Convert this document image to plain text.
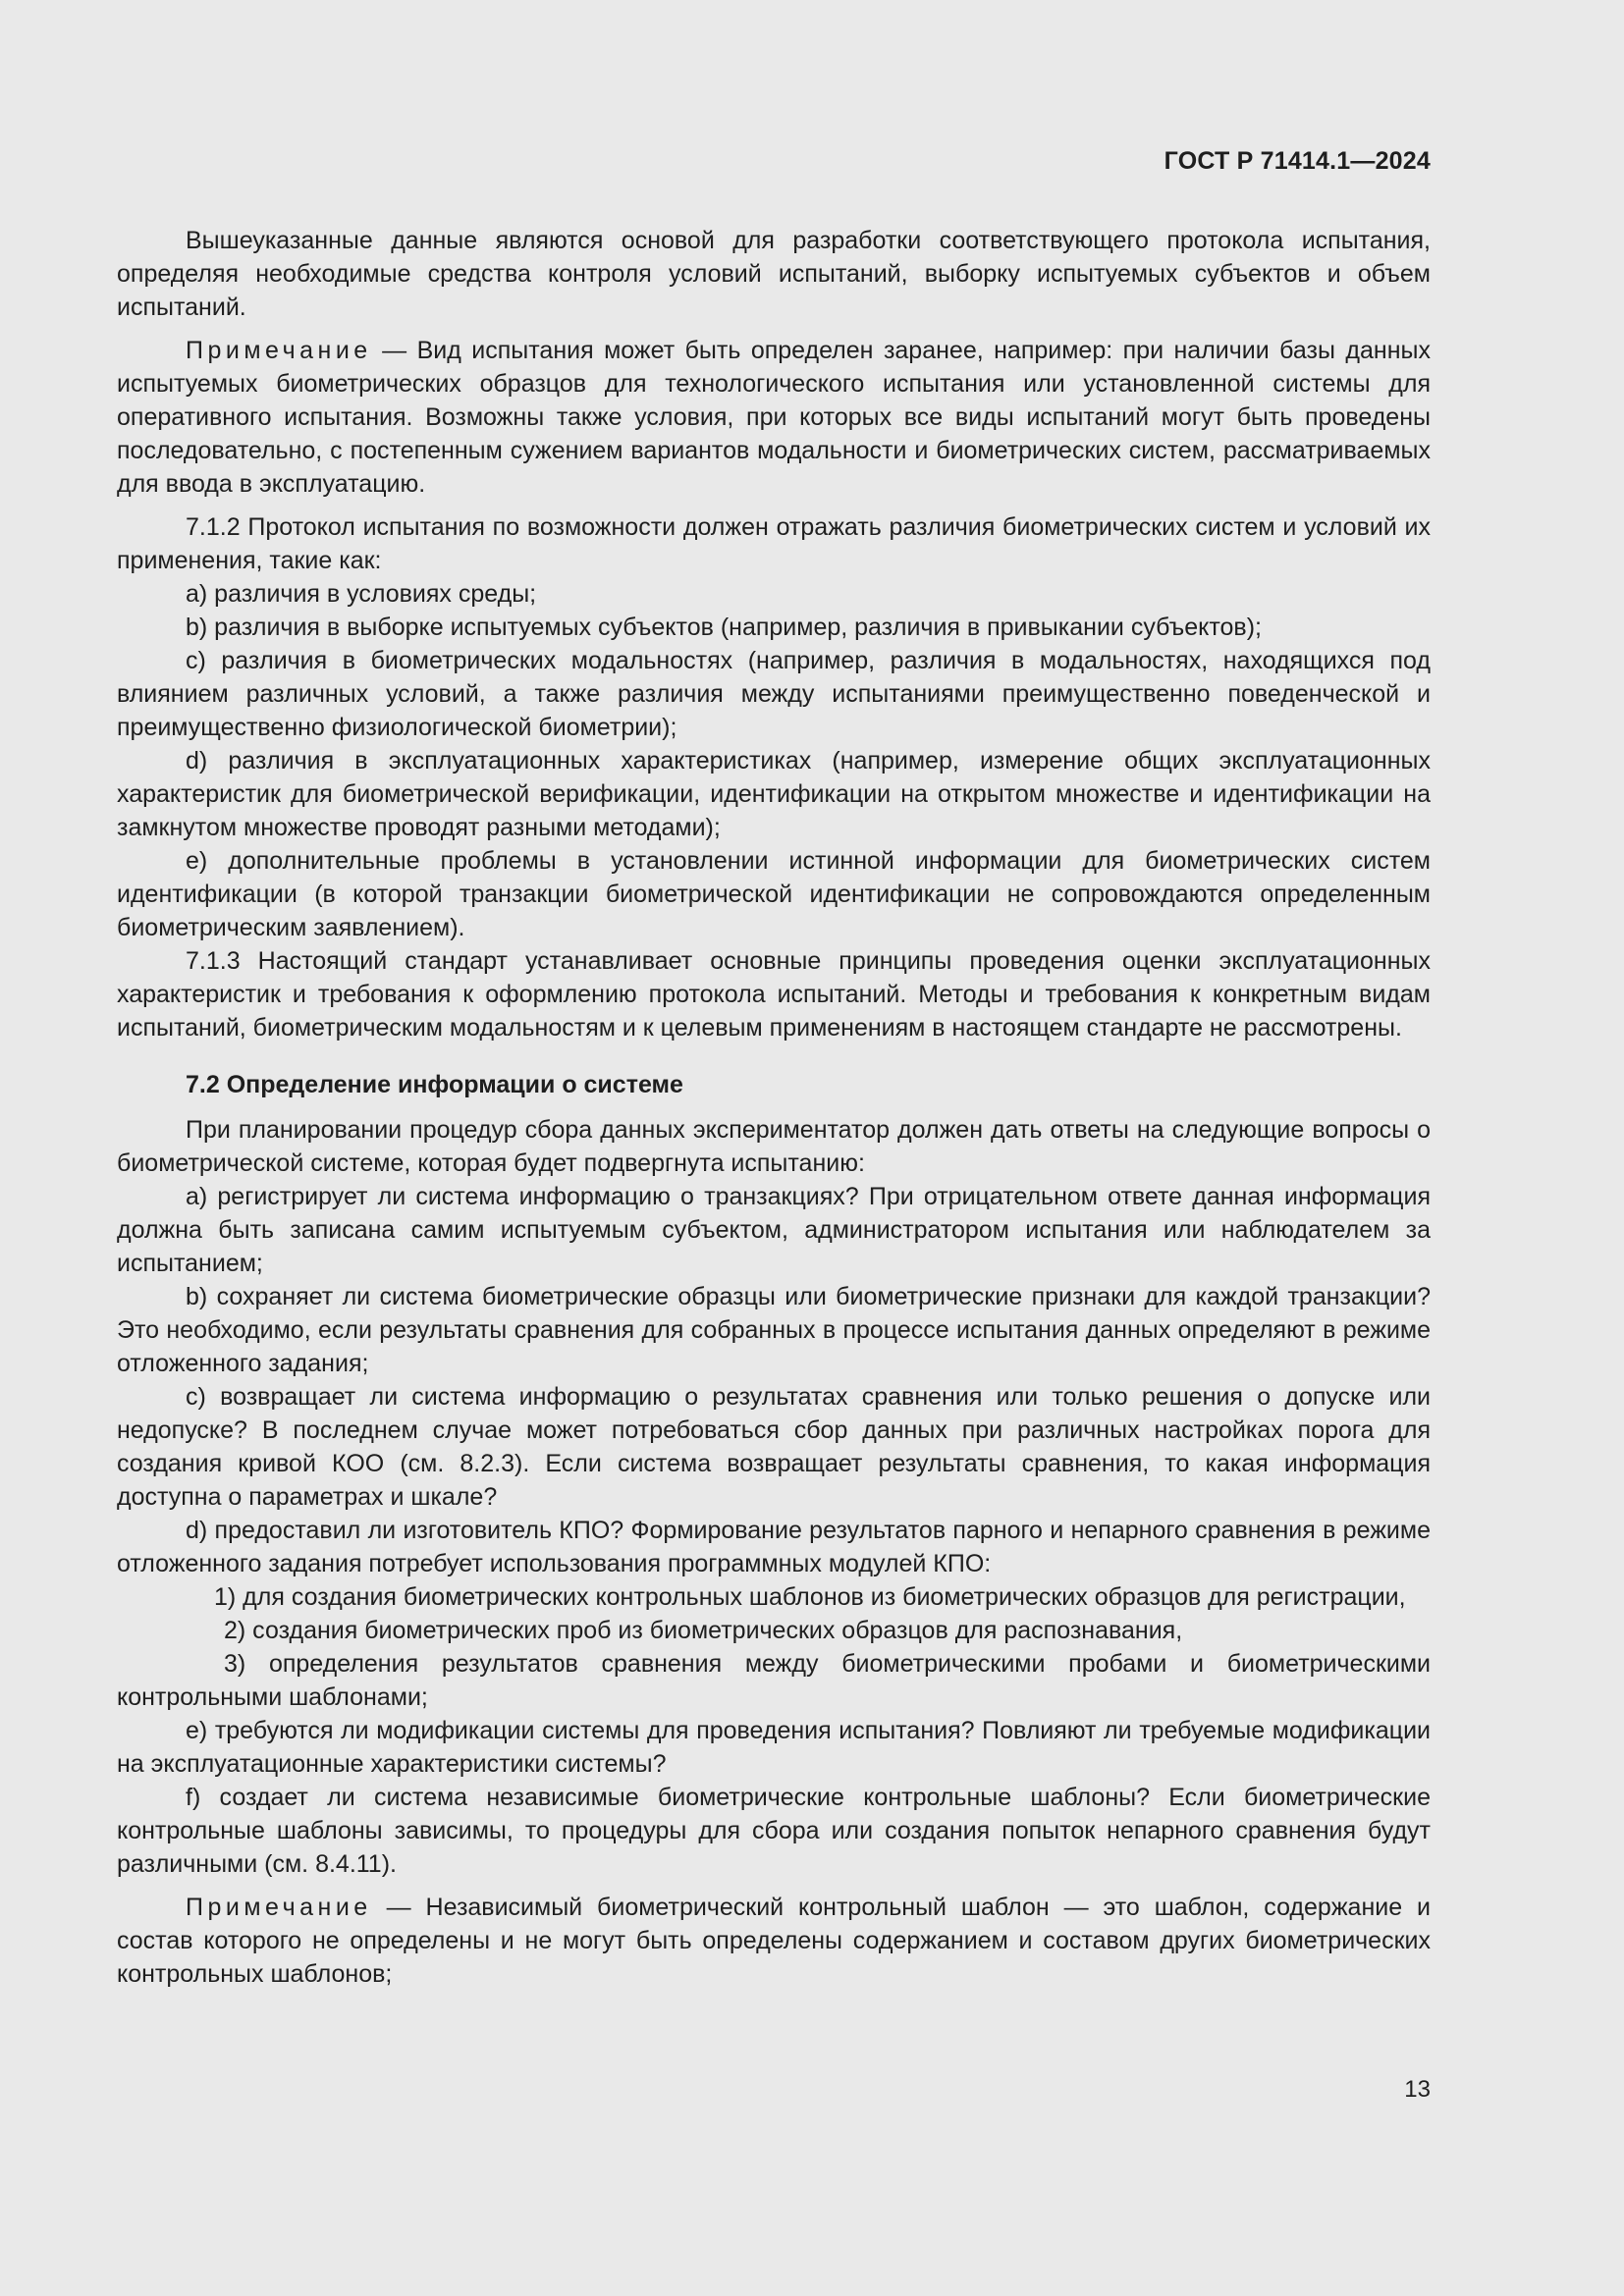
ГОСТ Р 71414.1—2024

Вышеуказанные данные являются основой для разработки соответствующего протокола испытания, определяя необходимые средства контроля условий испытаний, выборку испытуемых субъектов и объем испытаний.

Примечание — Вид испытания может быть определен заранее, например: при наличии базы данных испытуемых биометрических образцов для технологического испытания или установленной системы для оперативного испытания. Возможны также условия, при которых все виды испытаний могут быть проведены последовательно, с постепенным сужением вариантов модальности и биометрических систем, рассматриваемых для ввода в эксплуатацию.

7.1.2 Протокол испытания по возможности должен отражать различия биометрических систем и условий их применения, такие как:

a) различия в условиях среды;

b) различия в выборке испытуемых субъектов (например, различия в привыкании субъектов);

c) различия в биометрических модальностях (например, различия в модальностях, находящихся под влиянием различных условий, а также различия между испытаниями преимущественно поведенческой и преимущественно физиологической биометрии);

d) различия в эксплуатационных характеристиках (например, измерение общих эксплуатационных характеристик для биометрической верификации, идентификации на открытом множестве и идентификации на замкнутом множестве проводят разными методами);

e) дополнительные проблемы в установлении истинной информации для биометрических систем идентификации (в которой транзакции биометрической идентификации не сопровождаются определенным биометрическим заявлением).

7.1.3 Настоящий стандарт устанавливает основные принципы проведения оценки эксплуатационных характеристик и требования к оформлению протокола испытаний. Методы и требования к конкретным видам испытаний, биометрическим модальностям и к целевым применениям в настоящем стандарте не рассмотрены.

7.2 Определение информации о системе

При планировании процедур сбора данных экспериментатор должен дать ответы на следующие вопросы о биометрической системе, которая будет подвергнута испытанию:

a) регистрирует ли система информацию о транзакциях? При отрицательном ответе данная информация должна быть записана самим испытуемым субъектом, администратором испытания или наблюдателем за испытанием;

b) сохраняет ли система биометрические образцы или биометрические признаки для каждой транзакции? Это необходимо, если результаты сравнения для собранных в процессе испытания данных определяют в режиме отложенного задания;

c) возвращает ли система информацию о результатах сравнения или только решения о допуске или недопуске? В последнем случае может потребоваться сбор данных при различных настройках порога для создания кривой КОО (см. 8.2.3). Если система возвращает результаты сравнения, то какая информация доступна о параметрах и шкале?

d) предоставил ли изготовитель КПО? Формирование результатов парного и непарного сравнения в режиме отложенного задания потребует использования программных модулей КПО:

1) для создания биометрических контрольных шаблонов из биометрических образцов для регистрации,

2) создания биометрических проб из биометрических образцов для распознавания,

3) определения результатов сравнения между биометрическими пробами и биометрическими контрольными шаблонами;

e) требуются ли модификации системы для проведения испытания? Повлияют ли требуемые модификации на эксплуатационные характеристики системы?

f) создает ли система независимые биометрические контрольные шаблоны? Если биометрические контрольные шаблоны зависимы, то процедуры для сбора или создания попыток непарного сравнения будут различными (см. 8.4.11).

Примечание — Независимый биометрический контрольный шаблон — это шаблон, содержание и состав которого не определены и не могут быть определены содержанием и составом других биометрических контрольных шаблонов;

13
